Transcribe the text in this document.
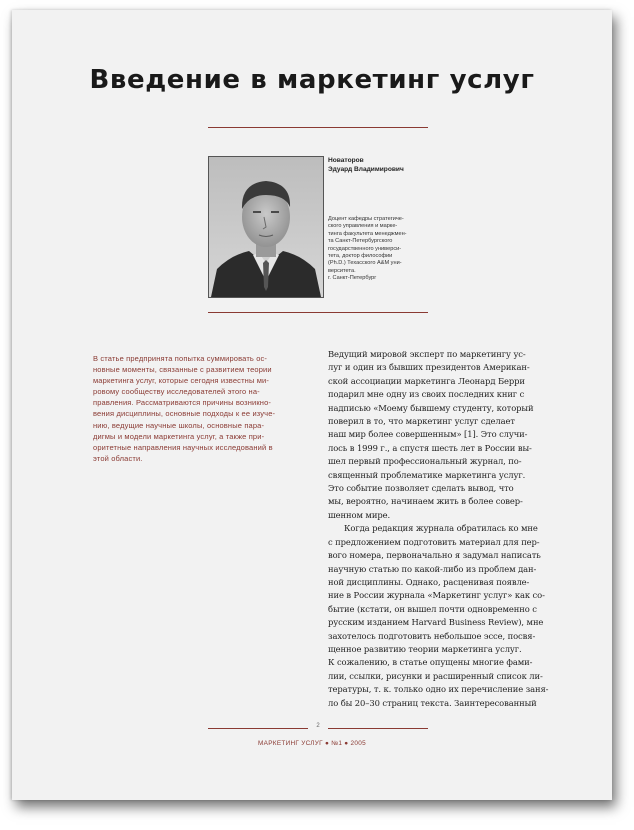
Введение в маркетинг услуг
Новаторов
Эдуард Владимирович
Доцент кафедры стратегиче-
ского управления и марке-
тинга факультета менеджмен-
та Санкт-Петербургского
государственного универси-
тета, доктор философии
(Ph.D.) Техасского A&M уни-
верситета.
г. Санкт-Петербург
В статье предпринята попытка суммировать ос-
новные моменты, связанные с развитием теории
маркетинга услуг, которые сегодня известны ми-
ровому сообществу исследователей этого на-
правления. Рассматриваются причины возникно-
вения дисциплины, основные подходы к ее изуче-
нию, ведущие научные школы, основные пара-
дигмы и модели маркетинга услуг, а также при-
оритетные направления научных исследований в
этой области.
Ведущий мировой эксперт по маркетингу ус-
луг и один из бывших президентов Американ-
ской ассоциации маркетинга Леонард Берри
подарил мне одну из своих последних книг с
надписью «Моему бывшему студенту, который
поверил в то, что маркетинг услуг сделает
наш мир более совершенным» [1]. Это случи-
лось в 1999 г., а спустя шесть лет в России вы-
шел первый профессиональный журнал, по-
священный проблематике маркетинга услуг.
Это событие позволяет сделать вывод, что
мы, вероятно, начинаем жить в более совер-
шенном мире.
Когда редакция журнала обратилась ко мне
с предложением подготовить материал для пер-
вого номера, первоначально я задумал написать
научную статью по какой-либо из проблем дан-
ной дисциплины. Однако, расценивая появле-
ние в России журнала «Маркетинг услуг» как со-
бытие (кстати, он вышел почти одновременно с
русским изданием Harvard Business Review), мне
захотелось подготовить небольшое эссе, посвя-
щенное развитию теории маркетинга услуг.
К сожалению, в статье опущены многие фами-
лии, ссылки, рисунки и расширенный список ли-
тературы, т. к. только одно их перечисление заня-
ло бы 20–30 страниц текста. Заинтересованный
2
МАРКЕТИНГ УСЛУГ ● №1 ● 2005
